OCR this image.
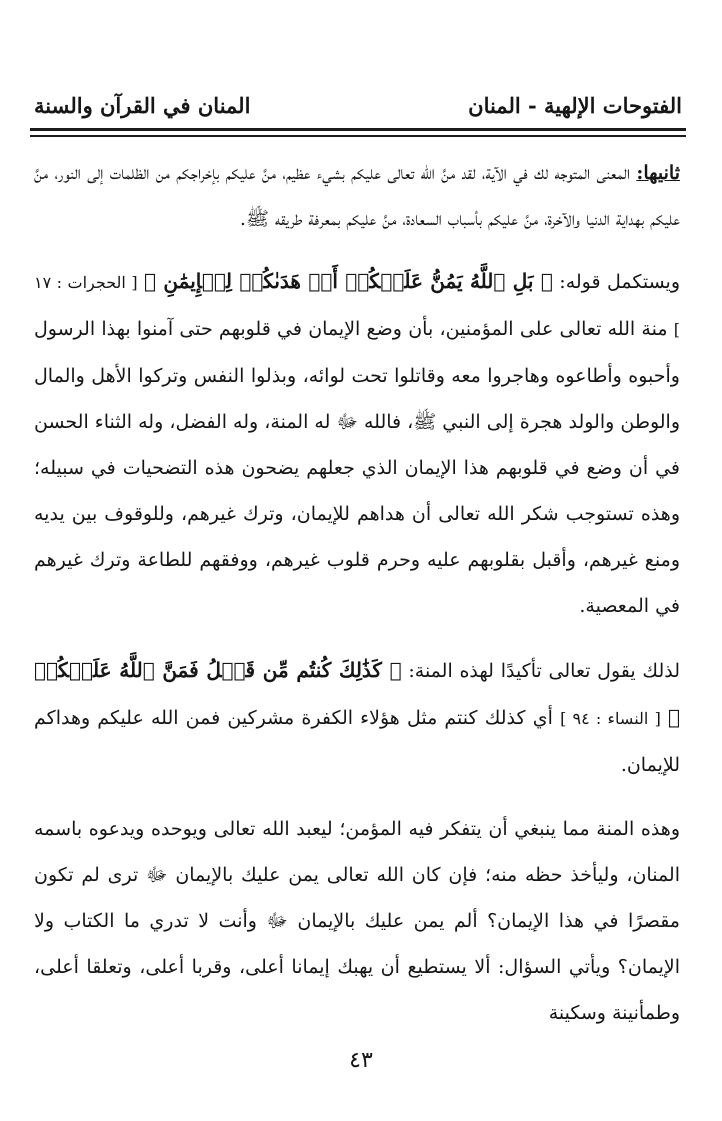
الفتوحات الإلهية - المنان
المنان في القرآن والسنة

ثانيها: المعنى المتوجه لك في الآية، لقد منَّ الله تعالى عليكم بشيء عظيم، منَّ عليكم بإخراجكم من الظلمات إلى النور، منَّ عليكم بهداية الدنيا والآخرة، منَّ عليكم بأسباب السعادة، منَّ عليكم بمعرفة طريقه ﷺ.

ويستكمل قوله: ﴿ بَلِ ٱللَّهُ يَمُنُّ عَلَيۡكُمۡ أَنۡ هَدَىٰكُمۡ لِلۡإِيمَٰنِ ﴾ [ الحجرات : ١٧ ] منة الله تعالى على المؤمنين، بأن وضع الإيمان في قلوبهم حتى آمنوا بهذا الرسول وأحبوه وأطاعوه وهاجروا معه وقاتلوا تحت لوائه، وبذلوا النفس وتركوا الأهل والمال والوطن والولد هجرة إلى النبي ﷺ، فالله ﷻ له المنة، وله الفضل، وله الثناء الحسن في أن وضع في قلوبهم هذا الإيمان الذي جعلهم يضحون هذه التضحيات في سبيله؛ وهذه تستوجب شكر الله تعالى أن هداهم للإيمان، وترك غيرهم، وللوقوف بين يديه ومنع غيرهم، وأقبل بقلوبهم عليه وحرم قلوب غيرهم، ووفقهم للطاعة وترك غيرهم في المعصية.

لذلك يقول تعالى تأكيدًا لهذه المنة: ﴿ كَذَٰلِكَ كُنتُم مِّن قَبۡلُ فَمَنَّ ٱللَّهُ عَلَيۡكُمۡ ﴾ [ النساء : ٩٤ ] أي كذلك كنتم مثل هؤلاء الكفرة مشركين فمن الله عليكم وهداكم للإيمان.

وهذه المنة مما ينبغي أن يتفكر فيه المؤمن؛ ليعبد الله تعالى ويوحده ويدعوه باسمه المنان، وليأخذ حظه منه؛ فإن كان الله تعالى يمن عليك بالإيمان ﷻ ترى لم تكون مقصرًا في هذا الإيمان؟ ألم يمن عليك بالإيمان ﷻ وأنت لا تدري ما الكتاب ولا الإيمان؟ ويأتي السؤال: ألا يستطيع أن يهبك إيمانا أعلى، وقربا أعلى، وتعلقا أعلى، وطمأنينة وسكينة

٤٣
